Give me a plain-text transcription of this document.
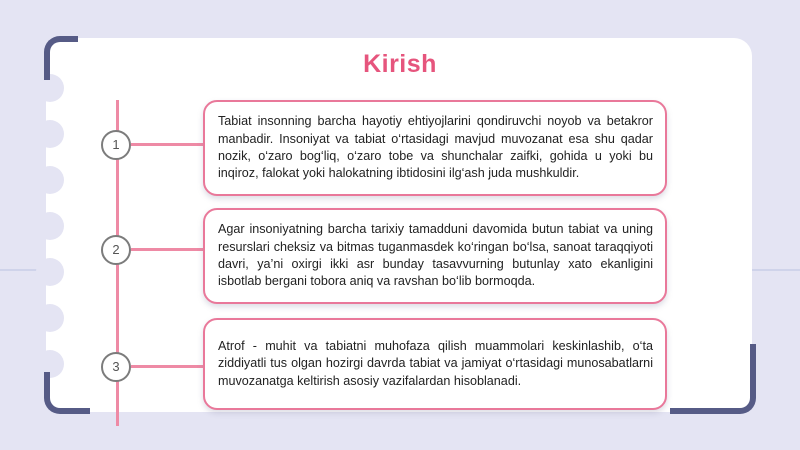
Kirish
1
Tabiat insonning barcha hayotiy ehtiyojlarini qondiruvchi noyob va betakror manbadir. Insoniyat va tabiat o‘rtasidagi mavjud muvozanat esa shu qadar nozik, o‘zaro bog‘liq, o‘zaro tobe va shunchalar zaifki, gohida u yoki bu inqiroz, falokat yoki halokatning ibtidosini ilg‘ash juda mushkuldir.
2
Agar insoniyatning barcha tarixiy tamadduni davomida butun tabiat va uning resurslari cheksiz va bitmas tuganmasdek ko‘ringan bo‘lsa, sanoat taraqqiyoti davri, ya’ni oxirgi ikki asr bunday tasavvurning butunlay xato ekanligini isbotlab bergani tobora aniq va ravshan bo‘lib bormoqda.
3
Atrof - muhit va tabiatni muhofaza qilish muammolari keskinlashib, o‘ta ziddiyatli tus olgan hozirgi davrda tabiat va jamiyat o‘rtasidagi munosabatlarni muvozanatga keltirish asosiy vazifalardan hisoblanadi.
